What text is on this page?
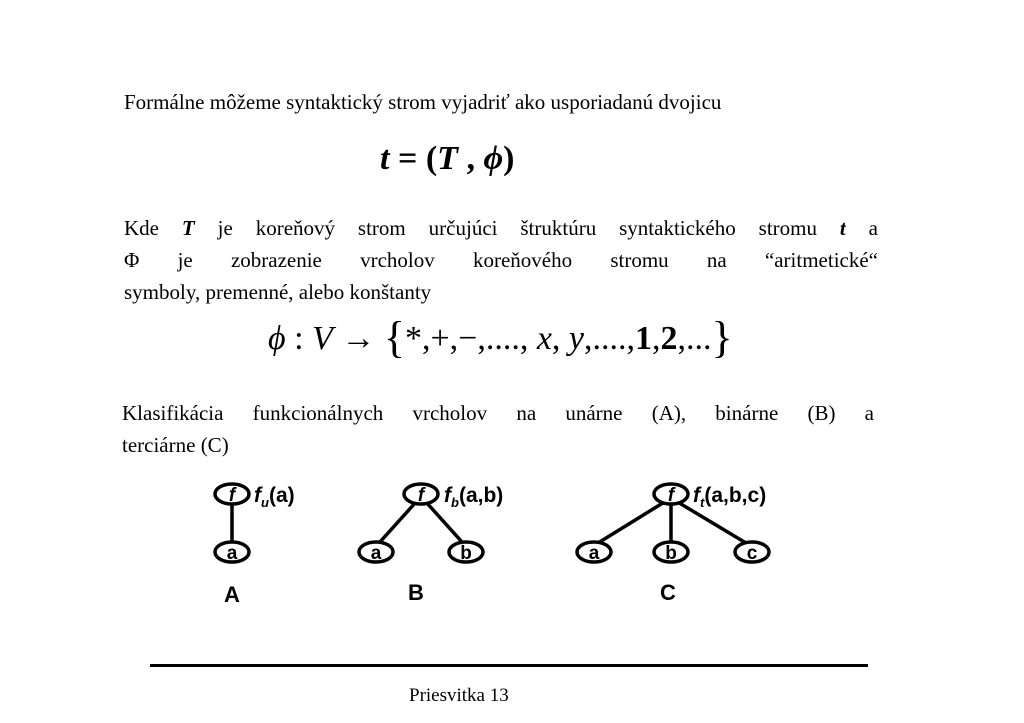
Formálne môžeme syntaktický strom vyjadriť ako usporiadanú dvojicu
t = (T , ϕ)
Kde T je koreňový strom určujúci štruktúru syntaktického stromu t a
Φ je zobrazenie vrcholov koreňového stromu na “aritmetické“
symboly, premenné, alebo konštanty
ϕ : V → {*,+,−,...., x, y,....,1,2,...}
Klasifikácia funkcionálnych vrcholov na unárne (A), binárne (B) a
terciárne (C)
f $f_u(a)$
a
A
f $f_b(a,b)$
a	b
B
f $f_t(a,b,c)$
a	b	c
C
Priesvitka 13
